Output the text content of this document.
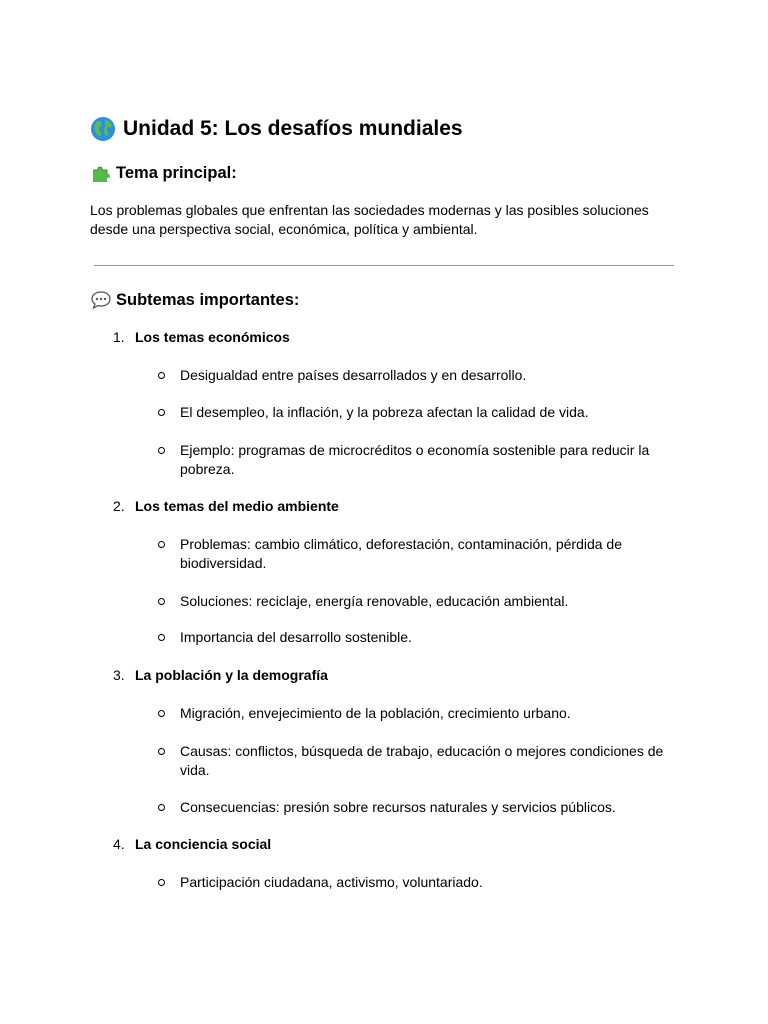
Unidad 5: Los desafíos mundiales
Tema principal:
Los problemas globales que enfrentan las sociedades modernas y las posibles soluciones desde una perspectiva social, económica, política y ambiental.
Subtemas importantes:
1. Los temas económicos
Desigualdad entre países desarrollados y en desarrollo.
El desempleo, la inflación, y la pobreza afectan la calidad de vida.
Ejemplo: programas de microcréditos o economía sostenible para reducir la pobreza.
2. Los temas del medio ambiente
Problemas: cambio climático, deforestación, contaminación, pérdida de biodiversidad.
Soluciones: reciclaje, energía renovable, educación ambiental.
Importancia del desarrollo sostenible.
3. La población y la demografía
Migración, envejecimiento de la población, crecimiento urbano.
Causas: conflictos, búsqueda de trabajo, educación o mejores condiciones de vida.
Consecuencias: presión sobre recursos naturales y servicios públicos.
4. La conciencia social
Participación ciudadana, activismo, voluntariado.
